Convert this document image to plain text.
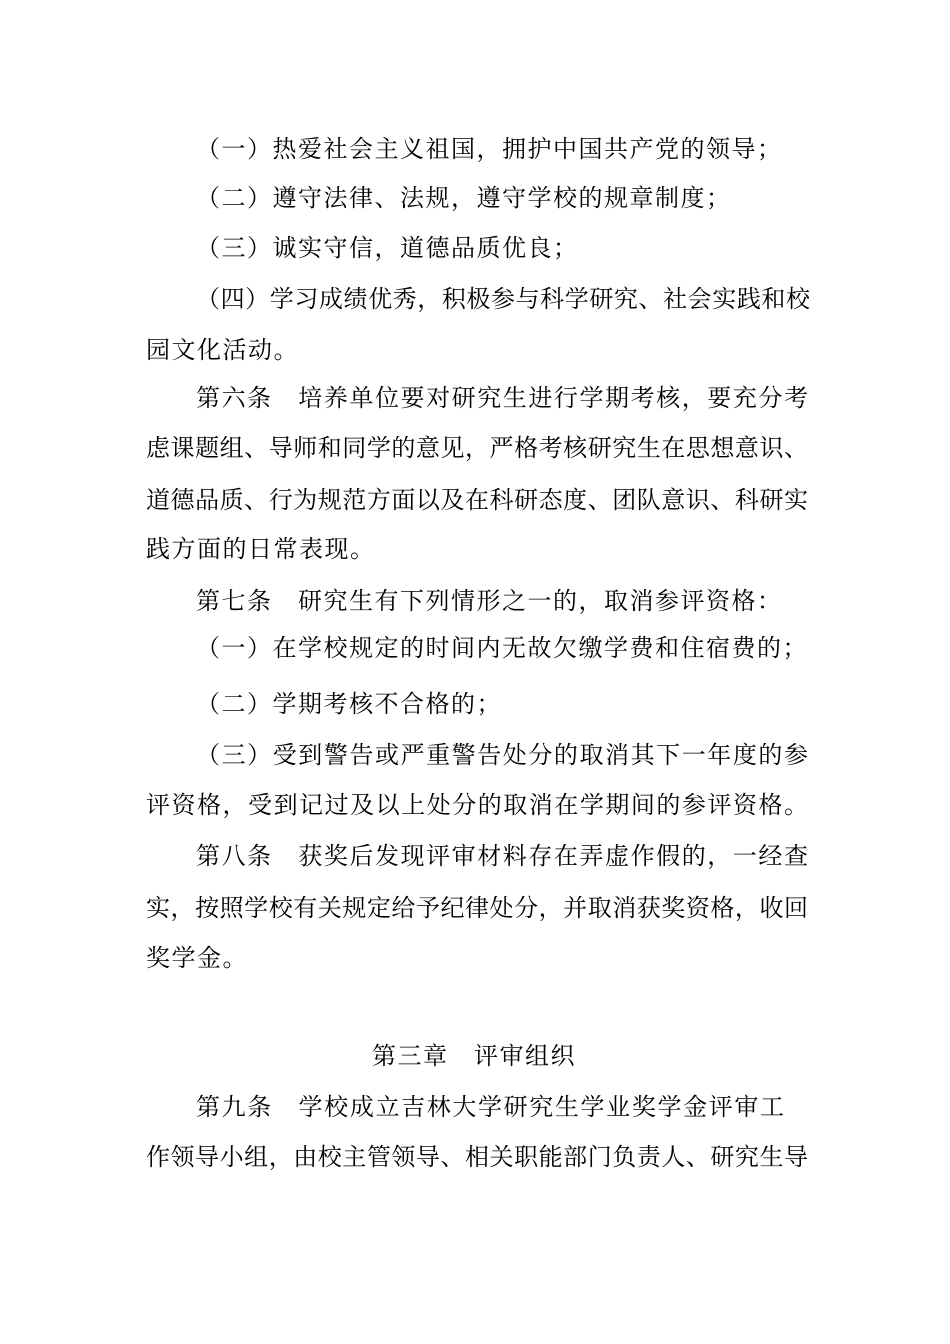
（一）热爱社会主义祖国，拥护中国共产党的领导；
（二）遵守法律、法规，遵守学校的规章制度；
（三）诚实守信，道德品质优良；
（四）学习成绩优秀，积极参与科学研究、社会实践和校
园文化活动。
第六条　培养单位要对研究生进行学期考核，要充分考
虑课题组、导师和同学的意见，严格考核研究生在思想意识、
道德品质、行为规范方面以及在科研态度、团队意识、科研实
践方面的日常表现。
第七条　研究生有下列情形之一的，取消参评资格：
（一）在学校规定的时间内无故欠缴学费和住宿费的；
（二）学期考核不合格的；
（三）受到警告或严重警告处分的取消其下一年度的参
评资格，受到记过及以上处分的取消在学期间的参评资格。
第八条　获奖后发现评审材料存在弄虚作假的，一经查
实，按照学校有关规定给予纪律处分，并取消获奖资格，收回
奖学金。
第三章　评审组织
第九条　学校成立吉林大学研究生学业奖学金评审工
作领导小组，由校主管领导、相关职能部门负责人、研究生导
